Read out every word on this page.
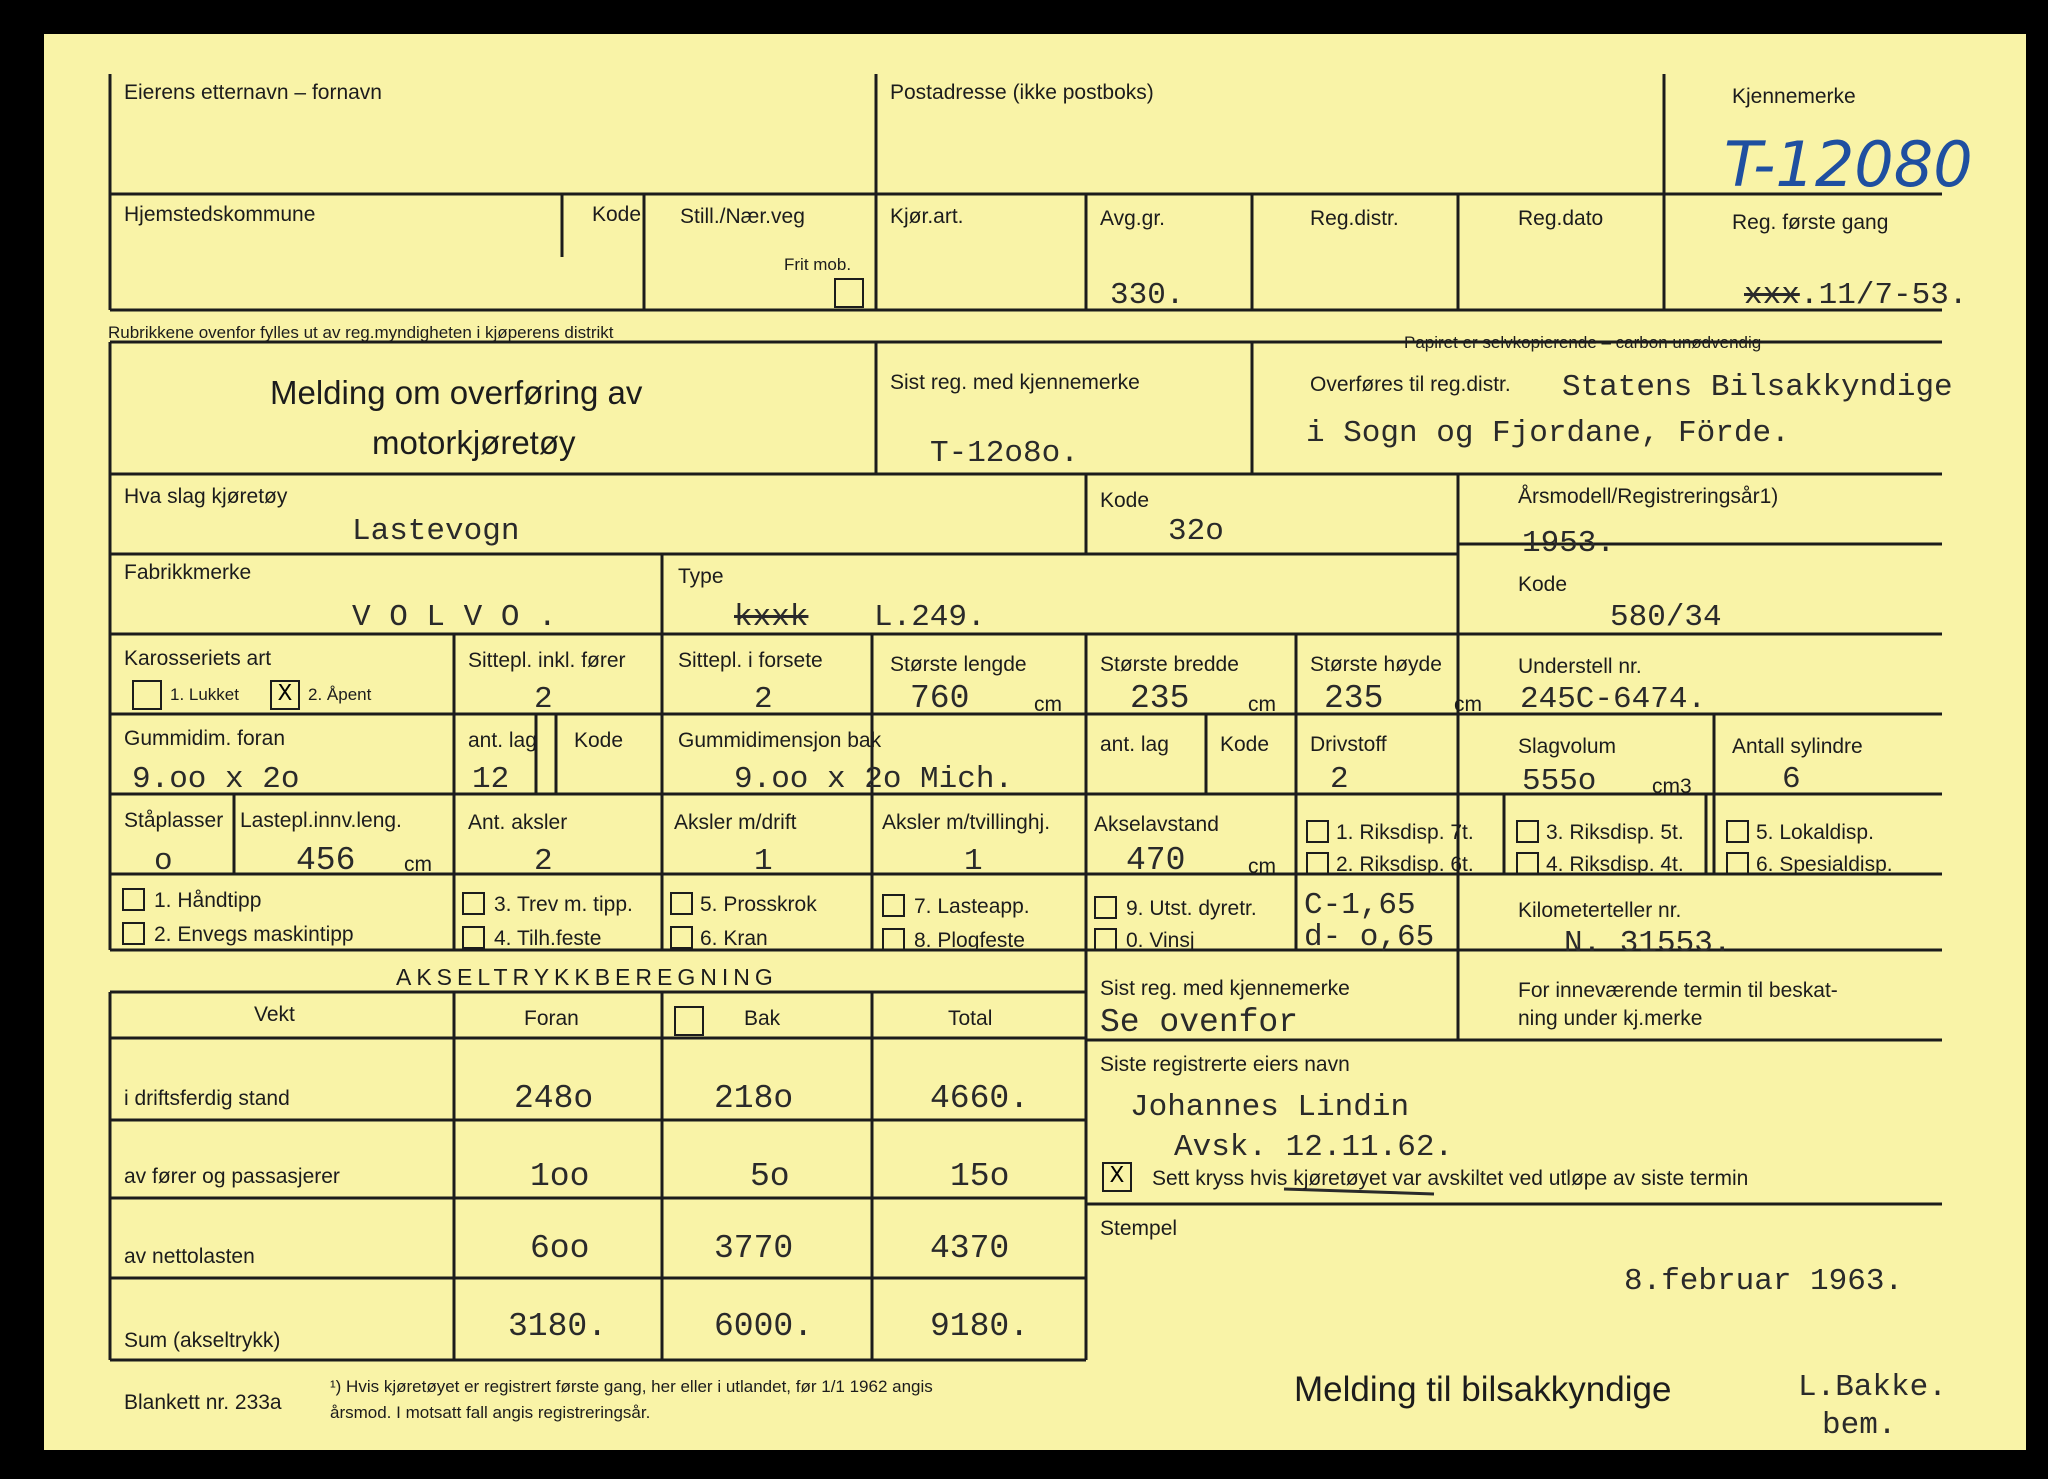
Eierens etternavn – fornavn	Postadresse (ikke postboks)	Kjennemerke
T-12080
Hjemstedskommune	Kode Still./Nær.veg
Frit mob.
Kjør.art.	Avg.gr.
330.
Reg.distr.	Reg.dato	Reg. første gang
xxx .11/7-53.
Rubrikkene ovenfor fylles ut av reg.myndigheten i kjøperens distrikt
Papiret er selvkopierende – carbon unødvendig
Melding om overføring av
motorkjøretøy
Sist reg. med kjennemerke
T-12o8o.
Overføres til reg.distr. Statens Bilsakkyndige
i Sogn og Fjordane, Förde.
Hva slag kjøretøy
Lastevogn
Kode
32o
Årsmodell/Registreringsår1)
1953.
Fabrikkmerke
V O L V O .
Type
kxxk L.249.
Kode
580/34
Karosseriets art
1. Lukket	X 2. Åpent
Sittepl. inkl. fører
2
Sittepl. i forsete
2
Største lengde
760	cm
Største bredde
235	cm
Største høyde
235	cm
Understell nr.
245C-6474.
Gummidim. foran
9.oo x 2o
ant. lag Kode
12
Gummidimensjon bak
9.oo x 2o Mich.
ant. lag Kode Drivstoff
2
Slagvolum
555o	cm3
Antall sylindre
6
Ståplasser
o
Lastepl.innv.leng.
456 cm
Ant. aksler
2
Aksler m/drift
1
Aksler m/tvillinghj.
1
Akselavstand
470	cm
1. Riksdisp. 7t.
2. Riksdisp. 6t.
3. Riksdisp. 5t.
4. Riksdisp. 4t.
5. Lokaldisp.
6. Spesialdisp.
1. Håndtipp
2. Envegs maskintipp
3. Trev m. tipp.
4. Tilh.feste
5. Prosskrok
6. Kran
7. Lasteapp.
8. Plogfeste
9. Utst. dyretr.
0. Vinsj
C-1,65
d- o,65
Kilometerteller nr.
N. 31553.
AKSELTRYKKBEREGNING
Vekt	Foran	Bak	Total
i driftsferdig stand	248o	218o	4660.
av fører og passasjerer	1oo	5o	15o
av nettolasten	6oo	3770	4370
Sum (akseltrykk)	3180.	6000.	9180.
Sist reg. med kjennemerke
Se ovenfor
For inneværende termin til beskat-
ning under kj.merke
Siste registrerte eiers navn
Johannes Lindin
Avsk. 12.11.62.
X	Sett kryss hvis kjøretøyet var avskiltet ved utløpe av siste termin
Stempel
8.februar 1963.
Blankett nr. 233a
¹) Hvis kjøretøyet er registrert første gang, her eller i utlandet, før 1/1 1962 angis
årsmod. I motsatt fall angis registreringsår.
Melding til bilsakkyndige	L.Bakke.
bem.
